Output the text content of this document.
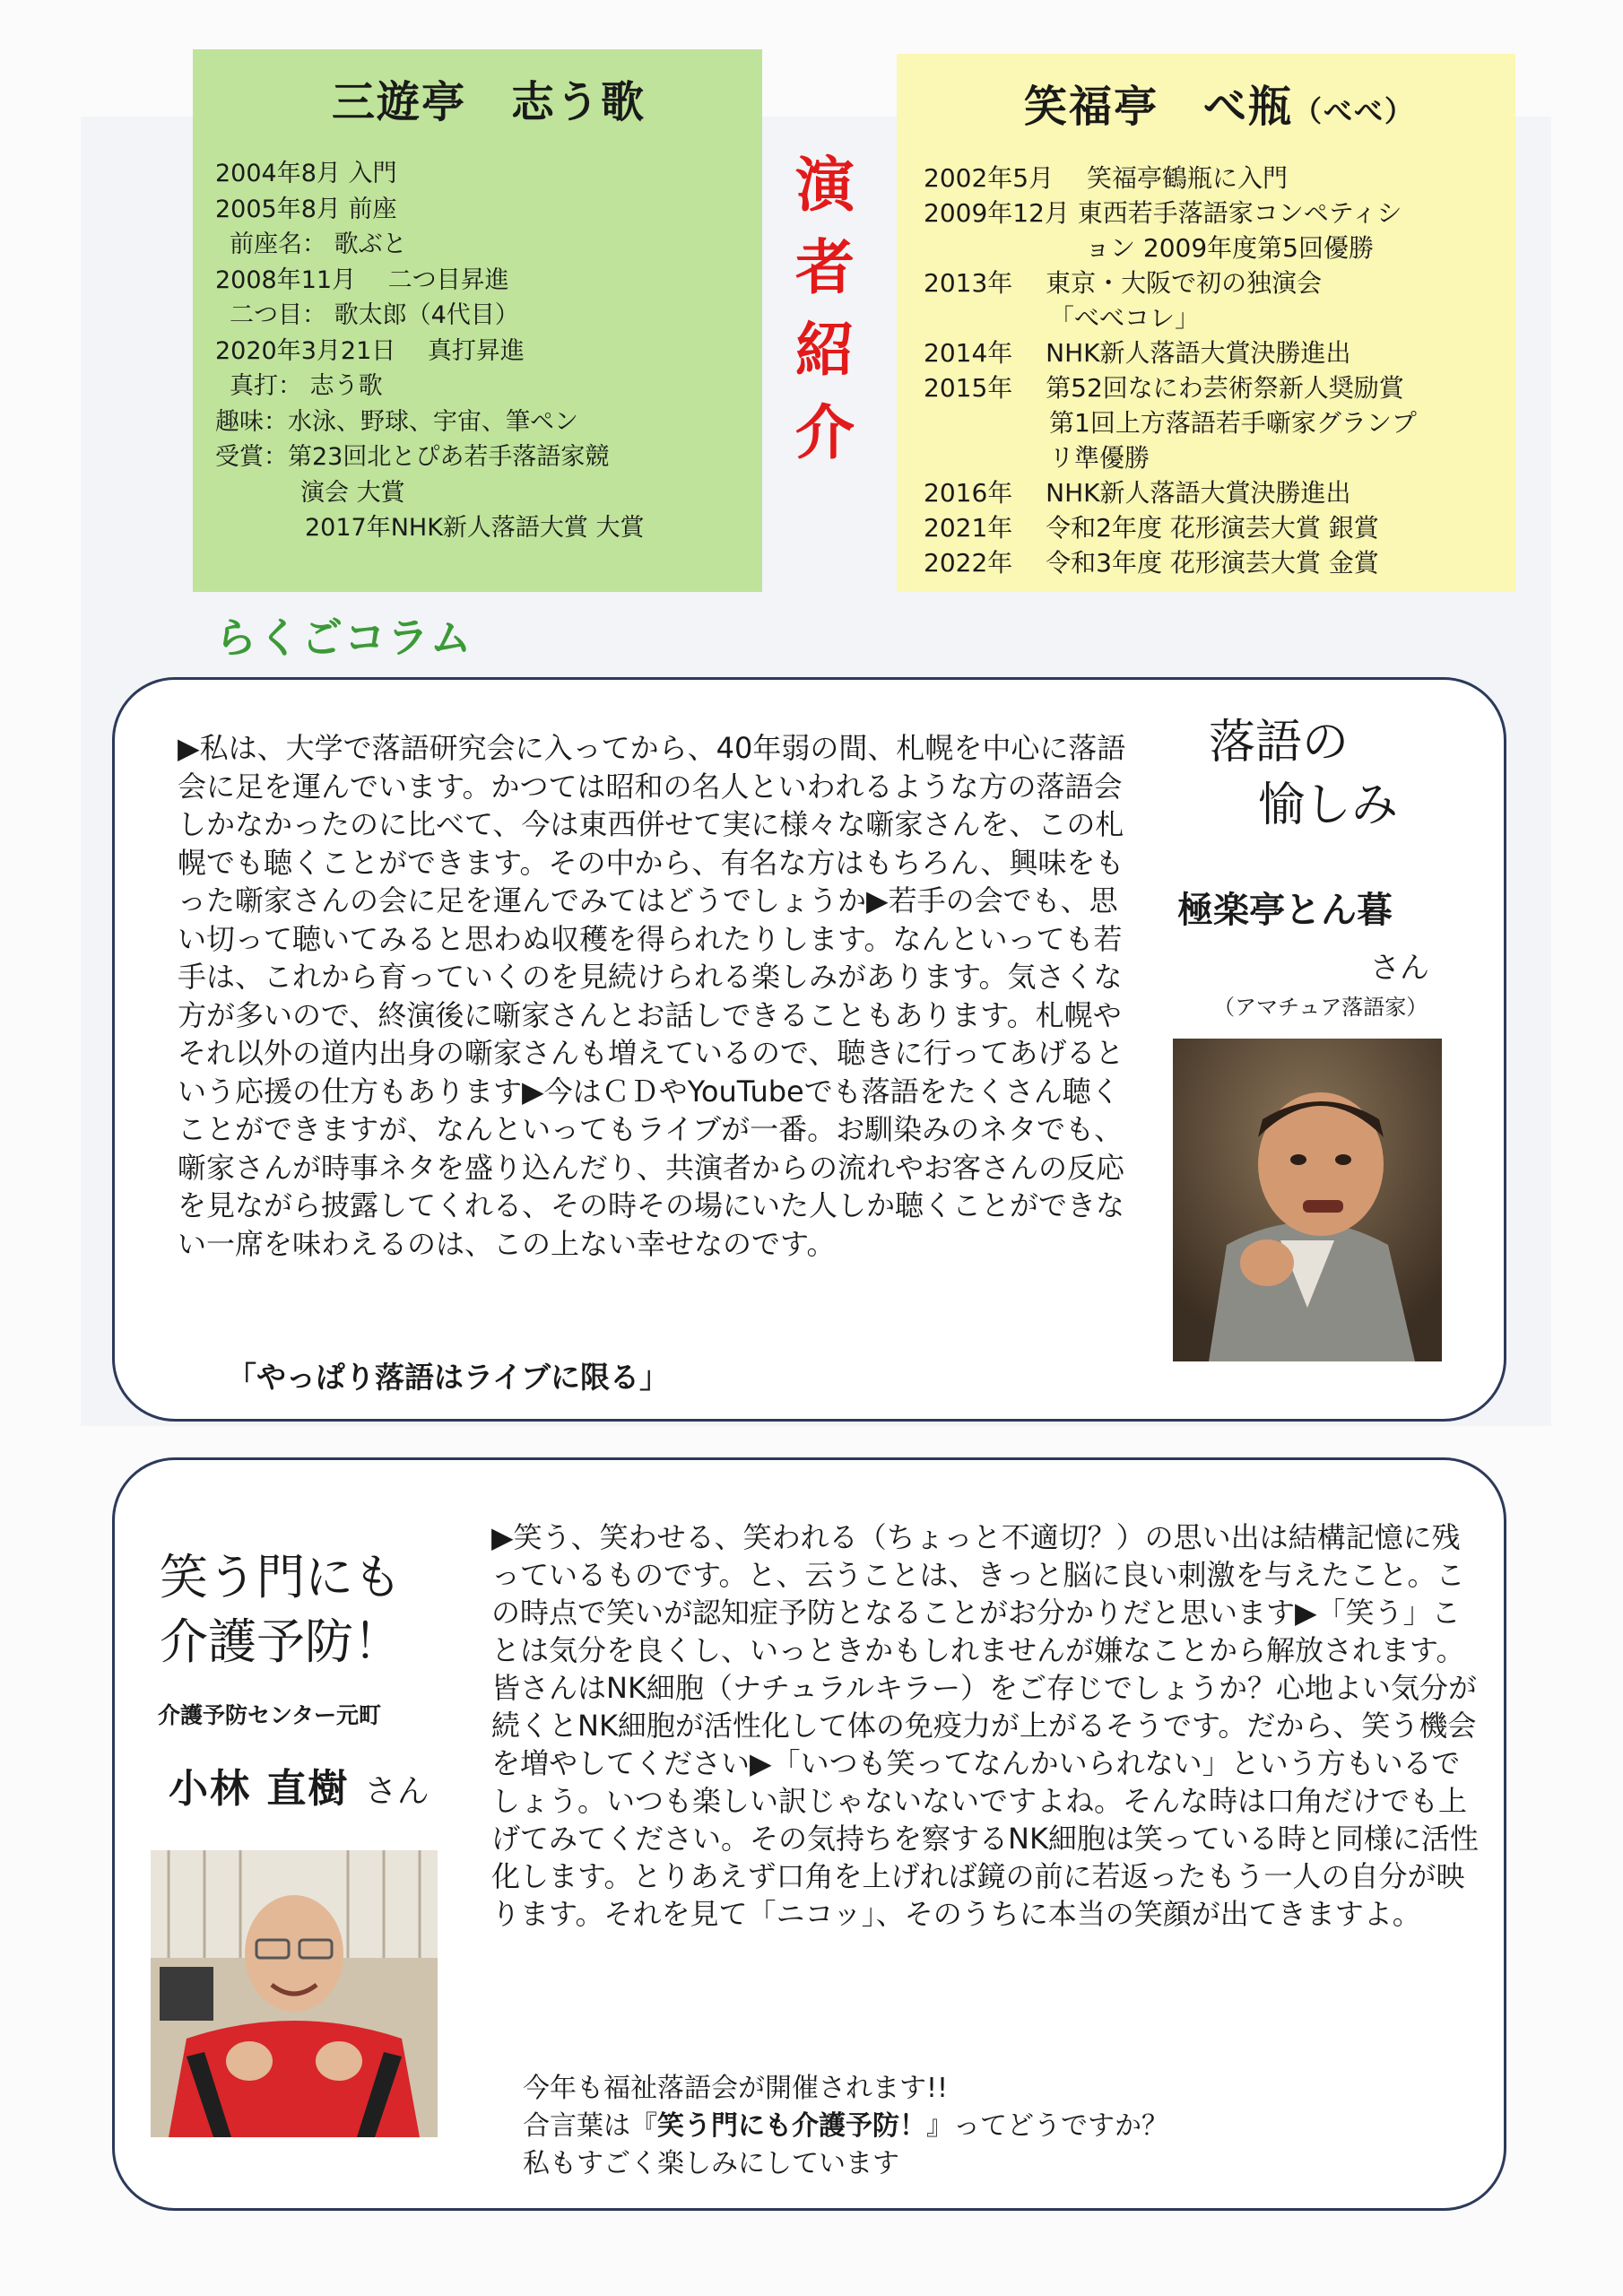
三遊亭　志う歌
2004年8月 入門
2005年8月 前座
前座名： 歌ぶと
2008年11月　 二つ目昇進
二つ目： 歌太郎（4代目）
2020年3月21日　 真打昇進
真打： 志う歌
趣味：水泳、野球、宇宙、筆ペン
受賞：第23回北とぴあ若手落語家競
演会 大賞
2017年NHK新人落語大賞 大賞
演
者
紹
介
笑福亭　べ瓶（べべ）
2002年5月　 笑福亭鶴瓶に入門
2009年12月 東西若手落語家コンペティシ
ョン 2009年度第5回優勝
2013年　 東京・大阪で初の独演会
「べべコレ」
2014年　 NHK新人落語大賞決勝進出
2015年　 第52回なにわ芸術祭新人奨励賞
第1回上方落語若手噺家グランプ
リ準優勝
2016年　 NHK新人落語大賞決勝進出
2021年　 令和2年度 花形演芸大賞 銀賞
2022年　 令和3年度 花形演芸大賞 金賞
らくごコラム

▶私は、大学で落語研究会に入ってから、40年弱の間、札幌を中心に落語会に足を運んでいます。かつては昭和の名人といわれるような方の落語会しかなかったのに比べて、今は東西併せて実に様々な噺家さんを、この札幌でも聴くことができます。その中から、有名な方はもちろん、興味をもった噺家さんの会に足を運んでみてはどうでしょうか▶若手の会でも、思い切って聴いてみると思わぬ収穫を得られたりします。なんといっても若手は、これから育っていくのを見続けられる楽しみがあります。気さくな方が多いので、終演後に噺家さんとお話しできることもあります。札幌やそれ以外の道内出身の噺家さんも増えているので、聴きに行ってあげるという応援の仕方もあります▶今はＣＤやYouTubeでも落語をたくさん聴くことができますが、なんといってもライブが一番。お馴染みのネタでも、噺家さんが時事ネタを盛り込んだり、共演者からの流れやお客さんの反応を見ながら披露してくれる、その時その場にいた人しか聴くことができない一席を味わえるのは、この上ない幸せなのです。

「やっぱり落語はライブに限る」
落語の
愉しみ
極楽亭とん暮
さん
（アマチュア落語家）
笑う門にも
介護予防！
介護予防センター元町
小林 直樹 さん

▶笑う、笑わせる、笑われる（ちょっと不適切？）の思い出は結構記憶に残っているものです。と、云うことは、きっと脳に良い刺激を与えたこと。この時点で笑いが認知症予防となることがお分かりだと思います▶「笑う」ことは気分を良くし、いっときかもしれませんが嫌なことから解放されます。皆さんはNK細胞（ナチュラルキラー）をご存じでしょうか？心地よい気分が続くとNK細胞が活性化して体の免疫力が上がるそうです。だから、笑う機会を増やしてください▶「いつも笑ってなんかいられない」という方もいるでしょう。いつも楽しい訳じゃないないですよね。そんな時は口角だけでも上げてみてください。その気持ちを察するNK細胞は笑っている時と同様に活性化します。とりあえず口角を上げれば鏡の前に若返ったもう一人の自分が映ります。それを見て「ニコッ」、そのうちに本当の笑顔が出てきますよ。

今年も福祉落語会が開催されます!!
合言葉は『笑う門にも介護予防！』ってどうですか？
私もすごく楽しみにしています
